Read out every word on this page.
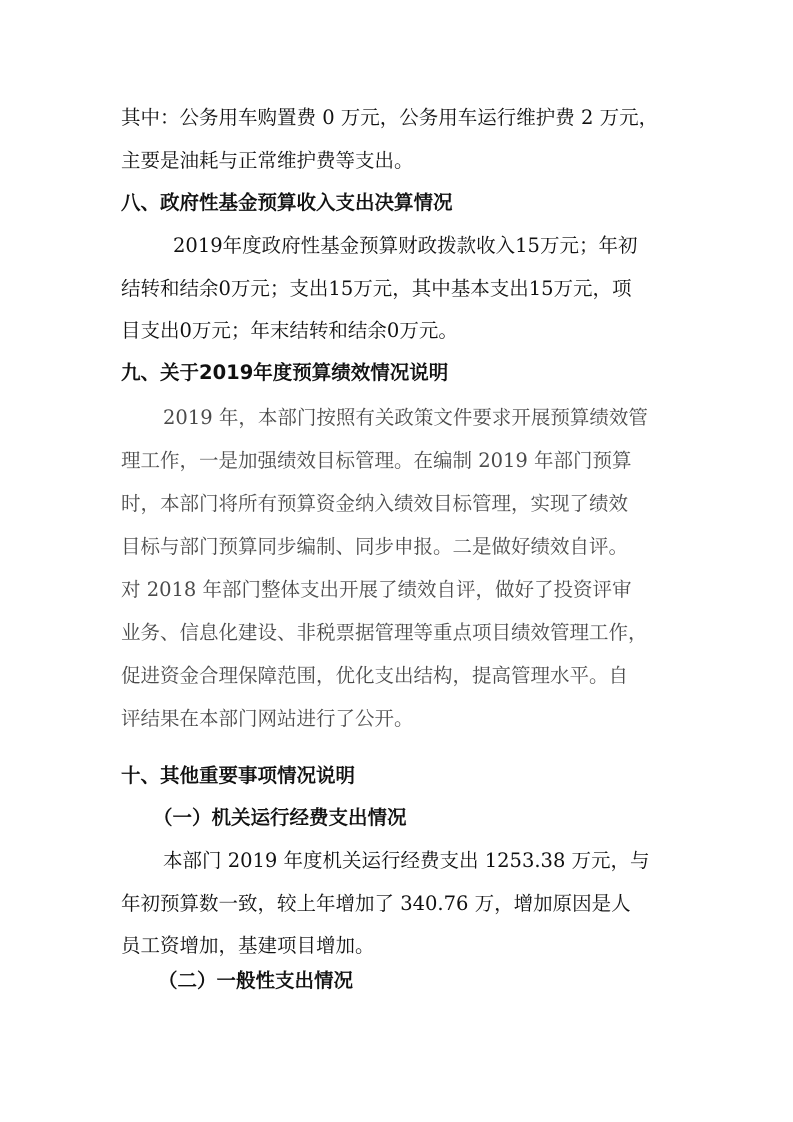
其中：公务用车购置费 0 万元，公务用车运行维护费 2 万元，
主要是油耗与正常维护费等支出。
八、政府性基金预算收入支出决算情况
2019年度政府性基金预算财政拨款收入15万元；年初
结转和结余0万元；支出15万元，其中基本支出15万元，项
目支出0万元；年末结转和结余0万元。
九、关于2019年度预算绩效情况说明
2019 年，本部门按照有关政策文件要求开展预算绩效管
理工作，一是加强绩效目标管理。在编制 2019 年部门预算
时，本部门将所有预算资金纳入绩效目标管理，实现了绩效
目标与部门预算同步编制、同步申报。二是做好绩效自评。
对 2018 年部门整体支出开展了绩效自评，做好了投资评审
业务、信息化建设、非税票据管理等重点项目绩效管理工作，
促进资金合理保障范围，优化支出结构，提高管理水平。自
评结果在本部门网站进行了公开。
十、其他重要事项情况说明
（一）机关运行经费支出情况
本部门 2019 年度机关运行经费支出 1253.38 万元，与
年初预算数一致，较上年增加了 340.76 万，增加原因是人
员工资增加，基建项目增加。
（二）一般性支出情况
